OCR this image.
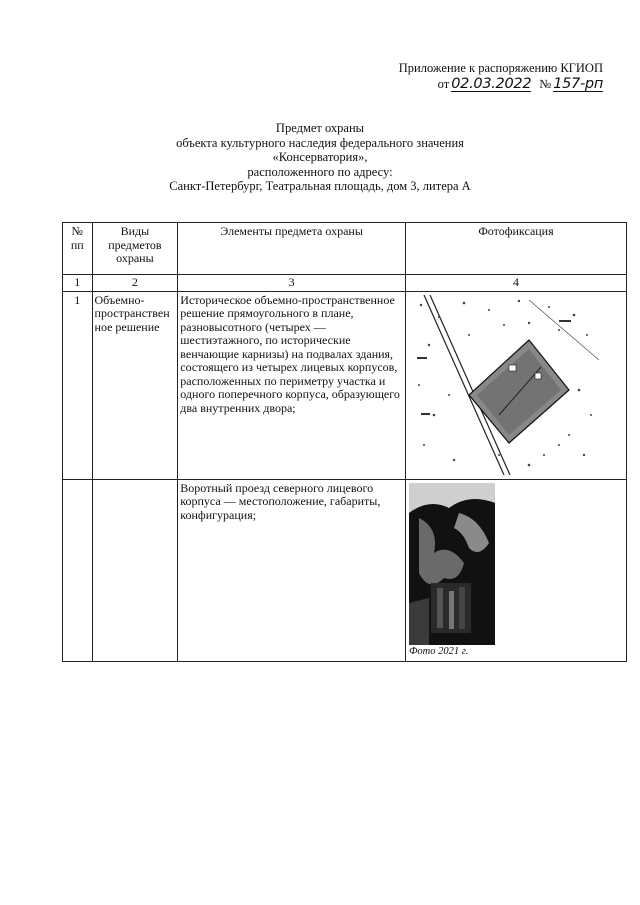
Приложение к распоряжению КГИОП
от 02.03.2022 № 157-рп
Предмет охраны
объекта культурного наследия федерального значения
«Консерватория»,
расположенного по адресу:
Санкт-Петербург, Театральная площадь, дом 3, литера А
№ пп	Виды предметов охраны	Элементы предмета охраны	Фотофиксация
1	2	3	4
1	Объемно-пространствен ное решение	Историческое объемно-пространственное решение прямоугольного в плане, разновысотного (четырех — шестиэтажного, по исторические венчающие карнизы) на подвалах здания, состоящего из четырех лицевых корпусов, расположенных по периметру участка и одного поперечного корпуса, образующего два внутренних двора;	

		Воротный проезд северного лицевого корпуса — местоположение, габариты, конфигурация;	Фото 2021 г.
